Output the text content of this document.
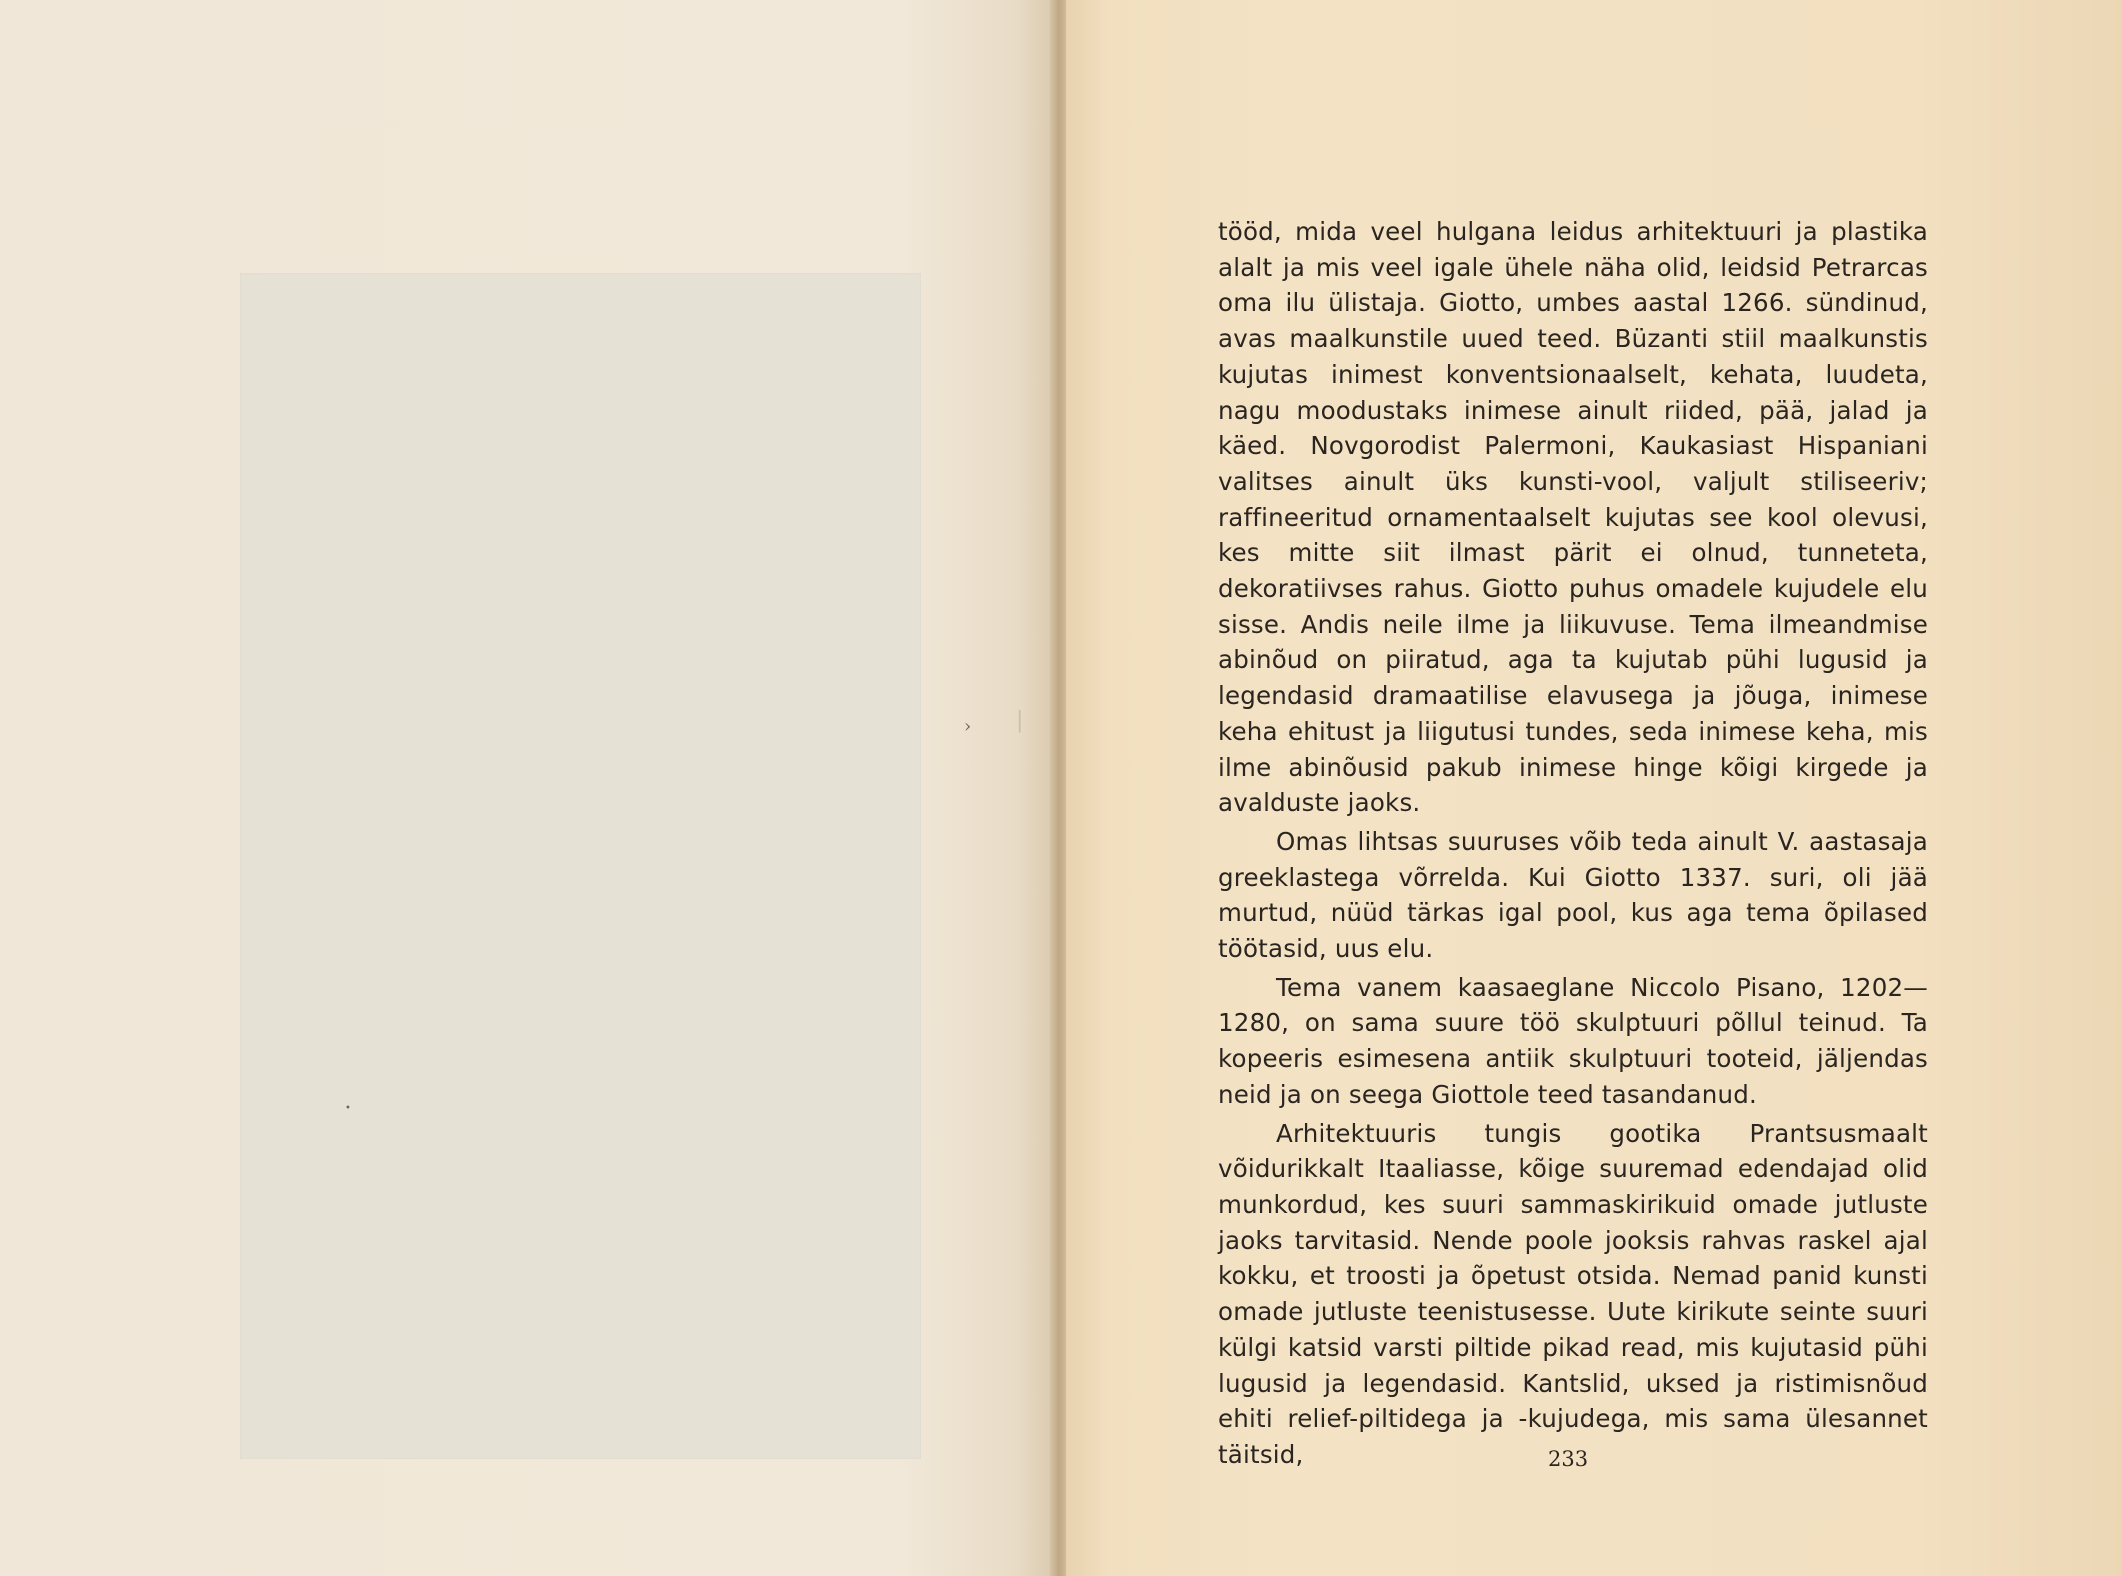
› |
•

tööd, mida veel hulgana leidus arhitektuuri ja plastika alalt ja mis veel igale ühele näha olid, leidsid Petrarcas oma ilu ülistaja. Giotto, umbes aastal 1266. sündinud, avas maalkunstile uued teed. Büzanti stiil maalkunstis kujutas inimest konventsionaalselt, kehata, luudeta, nagu moodustaks inimese ainult riided, pää, jalad ja käed. Novgorodist Palermoni, Kaukasiast Hispaniani valitses ainult üks kunsti-vool, valjult stiliseeriv; raffineeritud ornamentaalselt kujutas see kool olevusi, kes mitte siit ilmast pärit ei olnud, tunneteta, dekoratiivses rahus. Giotto puhus omadele kujudele elu sisse. Andis neile ilme ja liikuvuse. Tema ilmeandmise abinõud on piiratud, aga ta kujutab pühi lugusid ja legendasid dramaatilise elavusega ja jõuga, inimese keha ehitust ja liigutusi tundes, seda inimese keha, mis ilme abinõusid pakub inimese hinge kõigi kirgede ja avalduste jaoks.

Omas lihtsas suuruses võib teda ainult V. aastasaja greeklastega võrrelda. Kui Giotto 1337. suri, oli jää murtud, nüüd tärkas igal pool, kus aga tema õpilased töötasid, uus elu.

Tema vanem kaasaeglane Niccolo Pisano, 1202—1280, on sama suure töö skulptuuri põllul teinud. Ta kopeeris esimesena antiik skulptuuri tooteid, jäljendas neid ja on seega Giottole teed tasandanud.

Arhitektuuris tungis gootika Prantsusmaalt võidurikkalt Itaaliasse, kõige suuremad edendajad olid munkordud, kes suuri sammaskirikuid omade jutluste jaoks tarvitasid. Nende poole jooksis rahvas raskel ajal kokku, et troosti ja õpetust otsida. Nemad panid kunsti omade jutluste teenistusesse. Uute kirikute seinte suuri külgi katsid varsti piltide pikad read, mis kujutasid pühi lugusid ja legendasid. Kantslid, uksed ja ristimisnõud ehiti relief-piltidega ja -kujudega, mis sama ülesannet täitsid,	233
